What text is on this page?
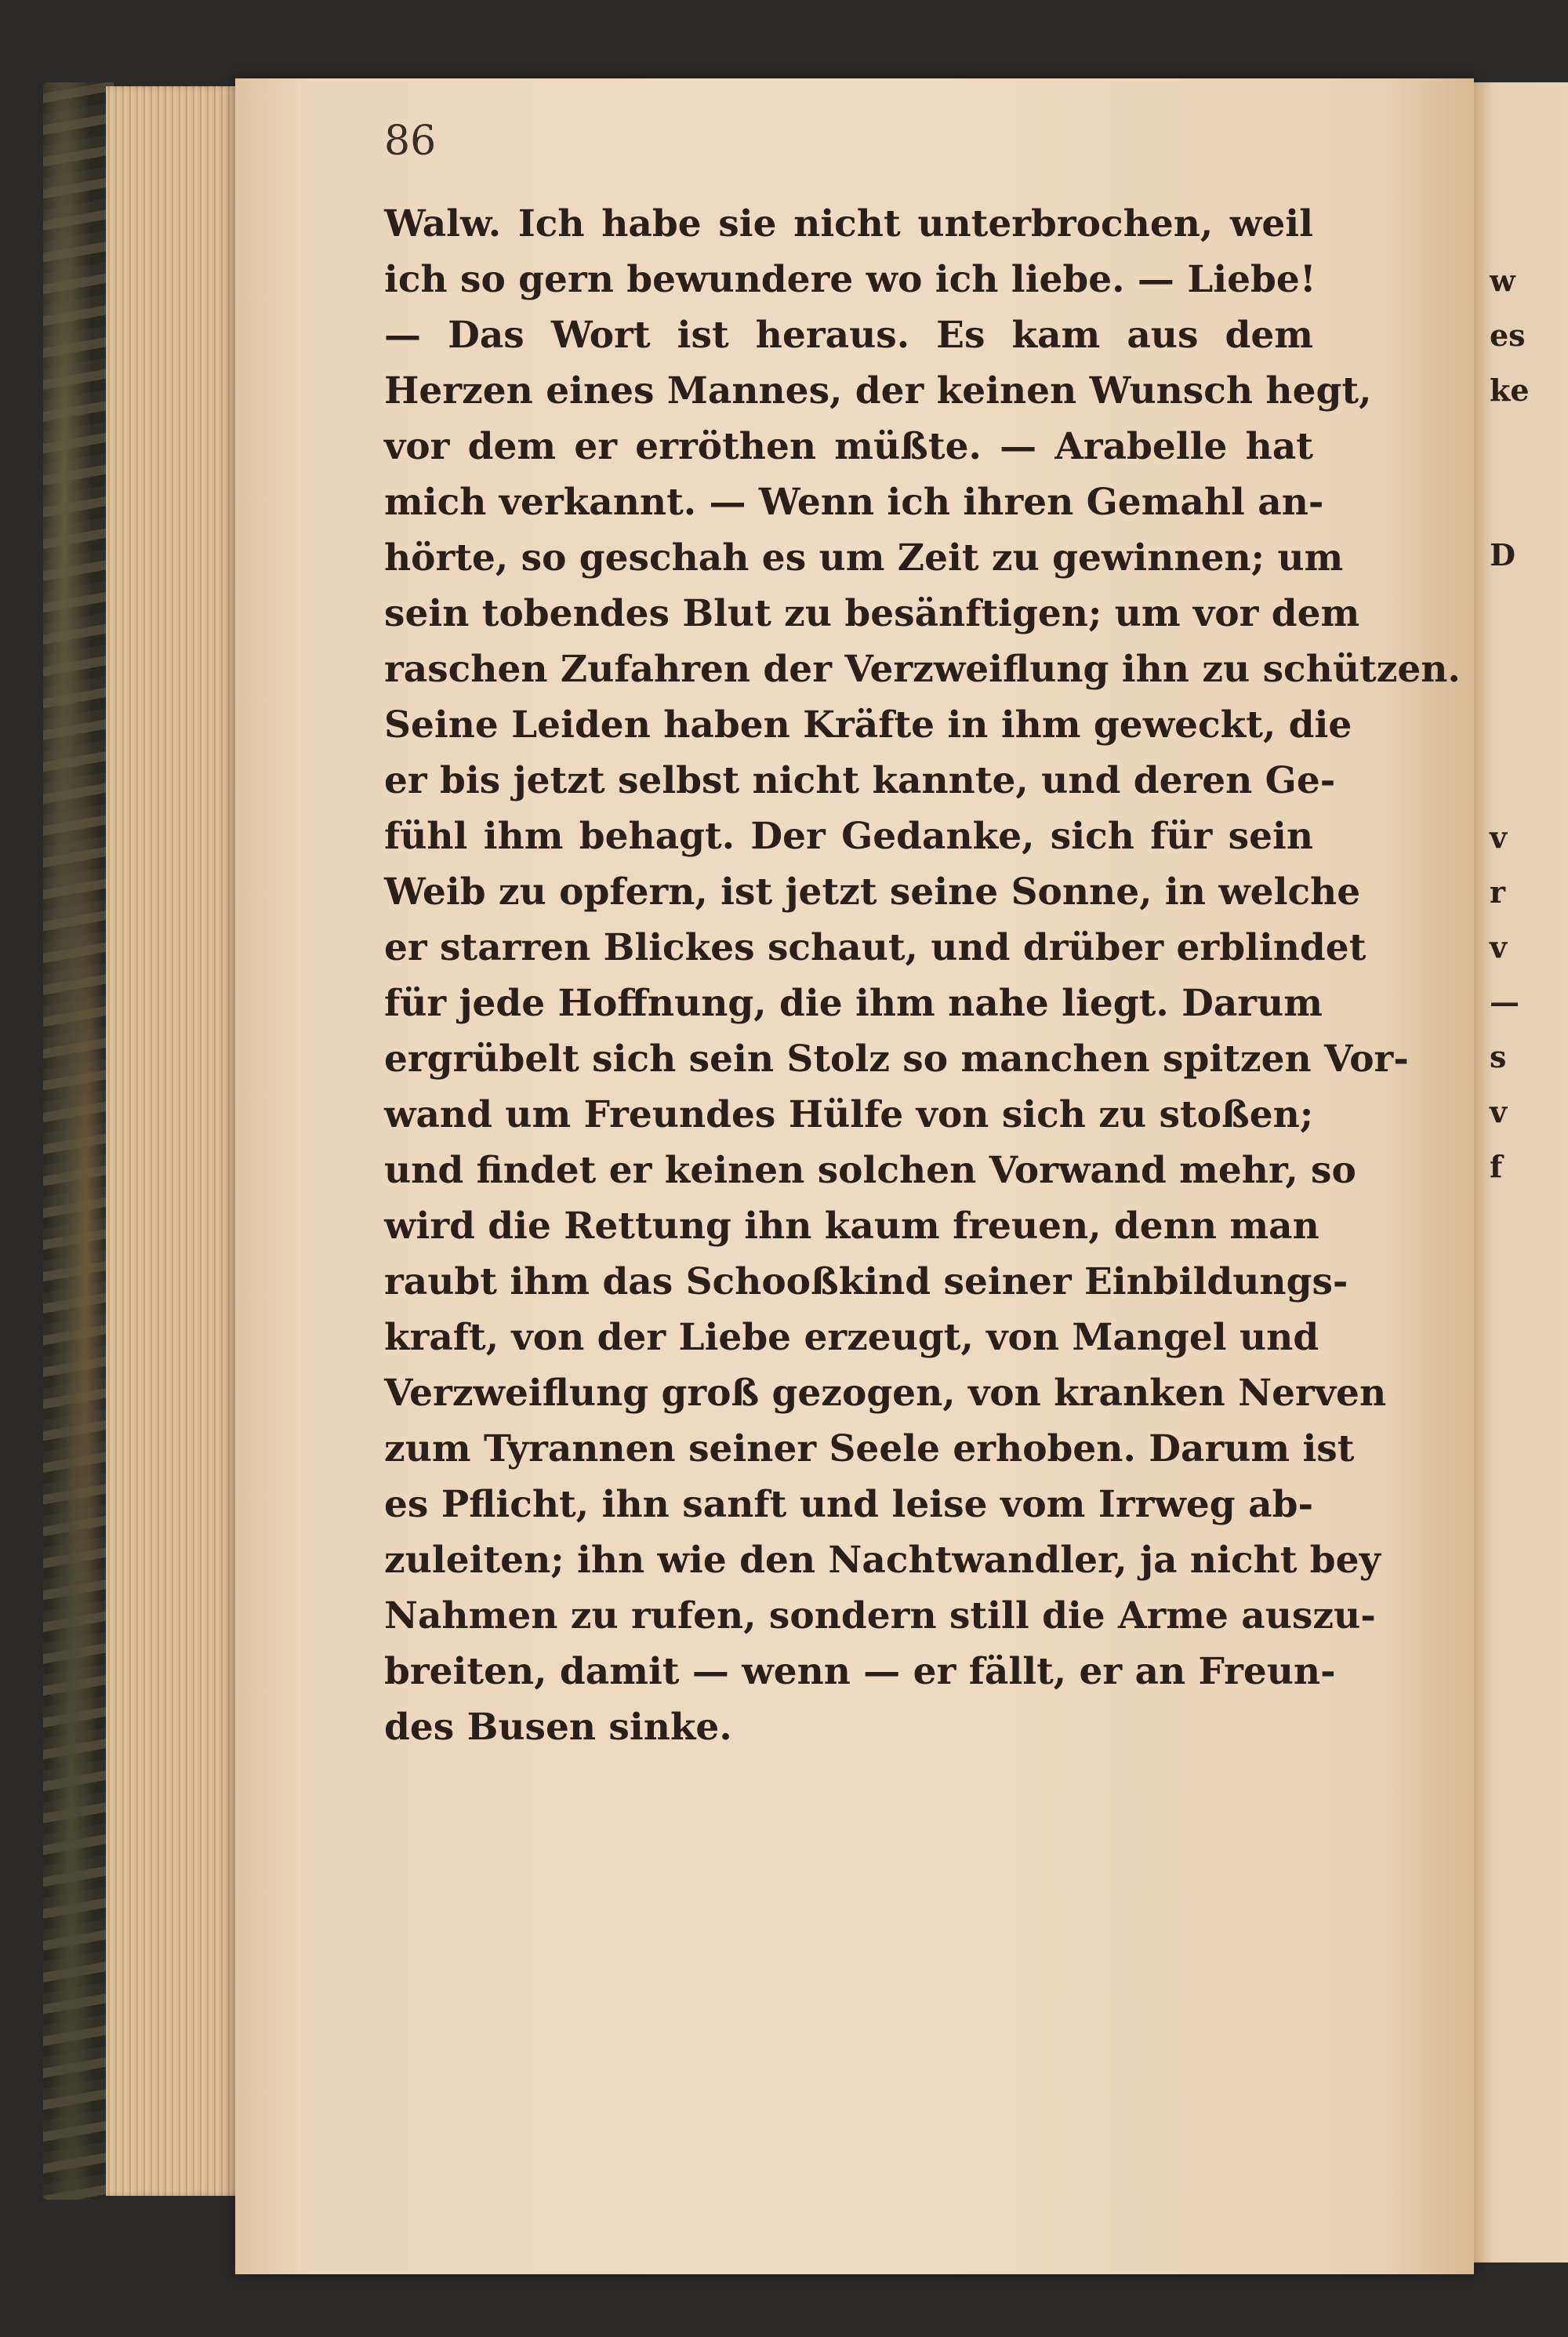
86
Walw. Ich habe sie nicht unterbrochen, weil
ich so gern bewundere wo ich liebe. — Liebe!
— Das Wort ist heraus. Es kam aus dem
Herzen eines Mannes, der keinen Wunsch hegt,
vor dem er erröthen müßte. — Arabelle hat
mich verkannt. — Wenn ich ihren Gemahl an-
hörte, so geschah es um Zeit zu gewinnen; um
sein tobendes Blut zu besänftigen; um vor dem
raschen Zufahren der Verzweiflung ihn zu schützen.
Seine Leiden haben Kräfte in ihm geweckt, die
er bis jetzt selbst nicht kannte, und deren Ge-
fühl ihm behagt. Der Gedanke, sich für sein
Weib zu opfern, ist jetzt seine Sonne, in welche
er starren Blickes schaut, und drüber erblindet
für jede Hoffnung, die ihm nahe liegt. Darum
ergrübelt sich sein Stolz so manchen spitzen Vor-
wand um Freundes Hülfe von sich zu stoßen;
und findet er keinen solchen Vorwand mehr, so
wird die Rettung ihn kaum freuen, denn man
raubt ihm das Schooßkind seiner Einbildungs-
kraft, von der Liebe erzeugt, von Mangel und
Verzweiflung groß gezogen, von kranken Nerven
zum Tyrannen seiner Seele erhoben. Darum ist
es Pflicht, ihn sanft und leise vom Irrweg ab-
zuleiten; ihn wie den Nachtwandler, ja nicht bey
Nahmen zu rufen, sondern still die Arme auszu-
breiten, damit — wenn — er fällt, er an Freun-
des Busen sinke.
w
es
ke
D
v
r
v
—
s
v
f
